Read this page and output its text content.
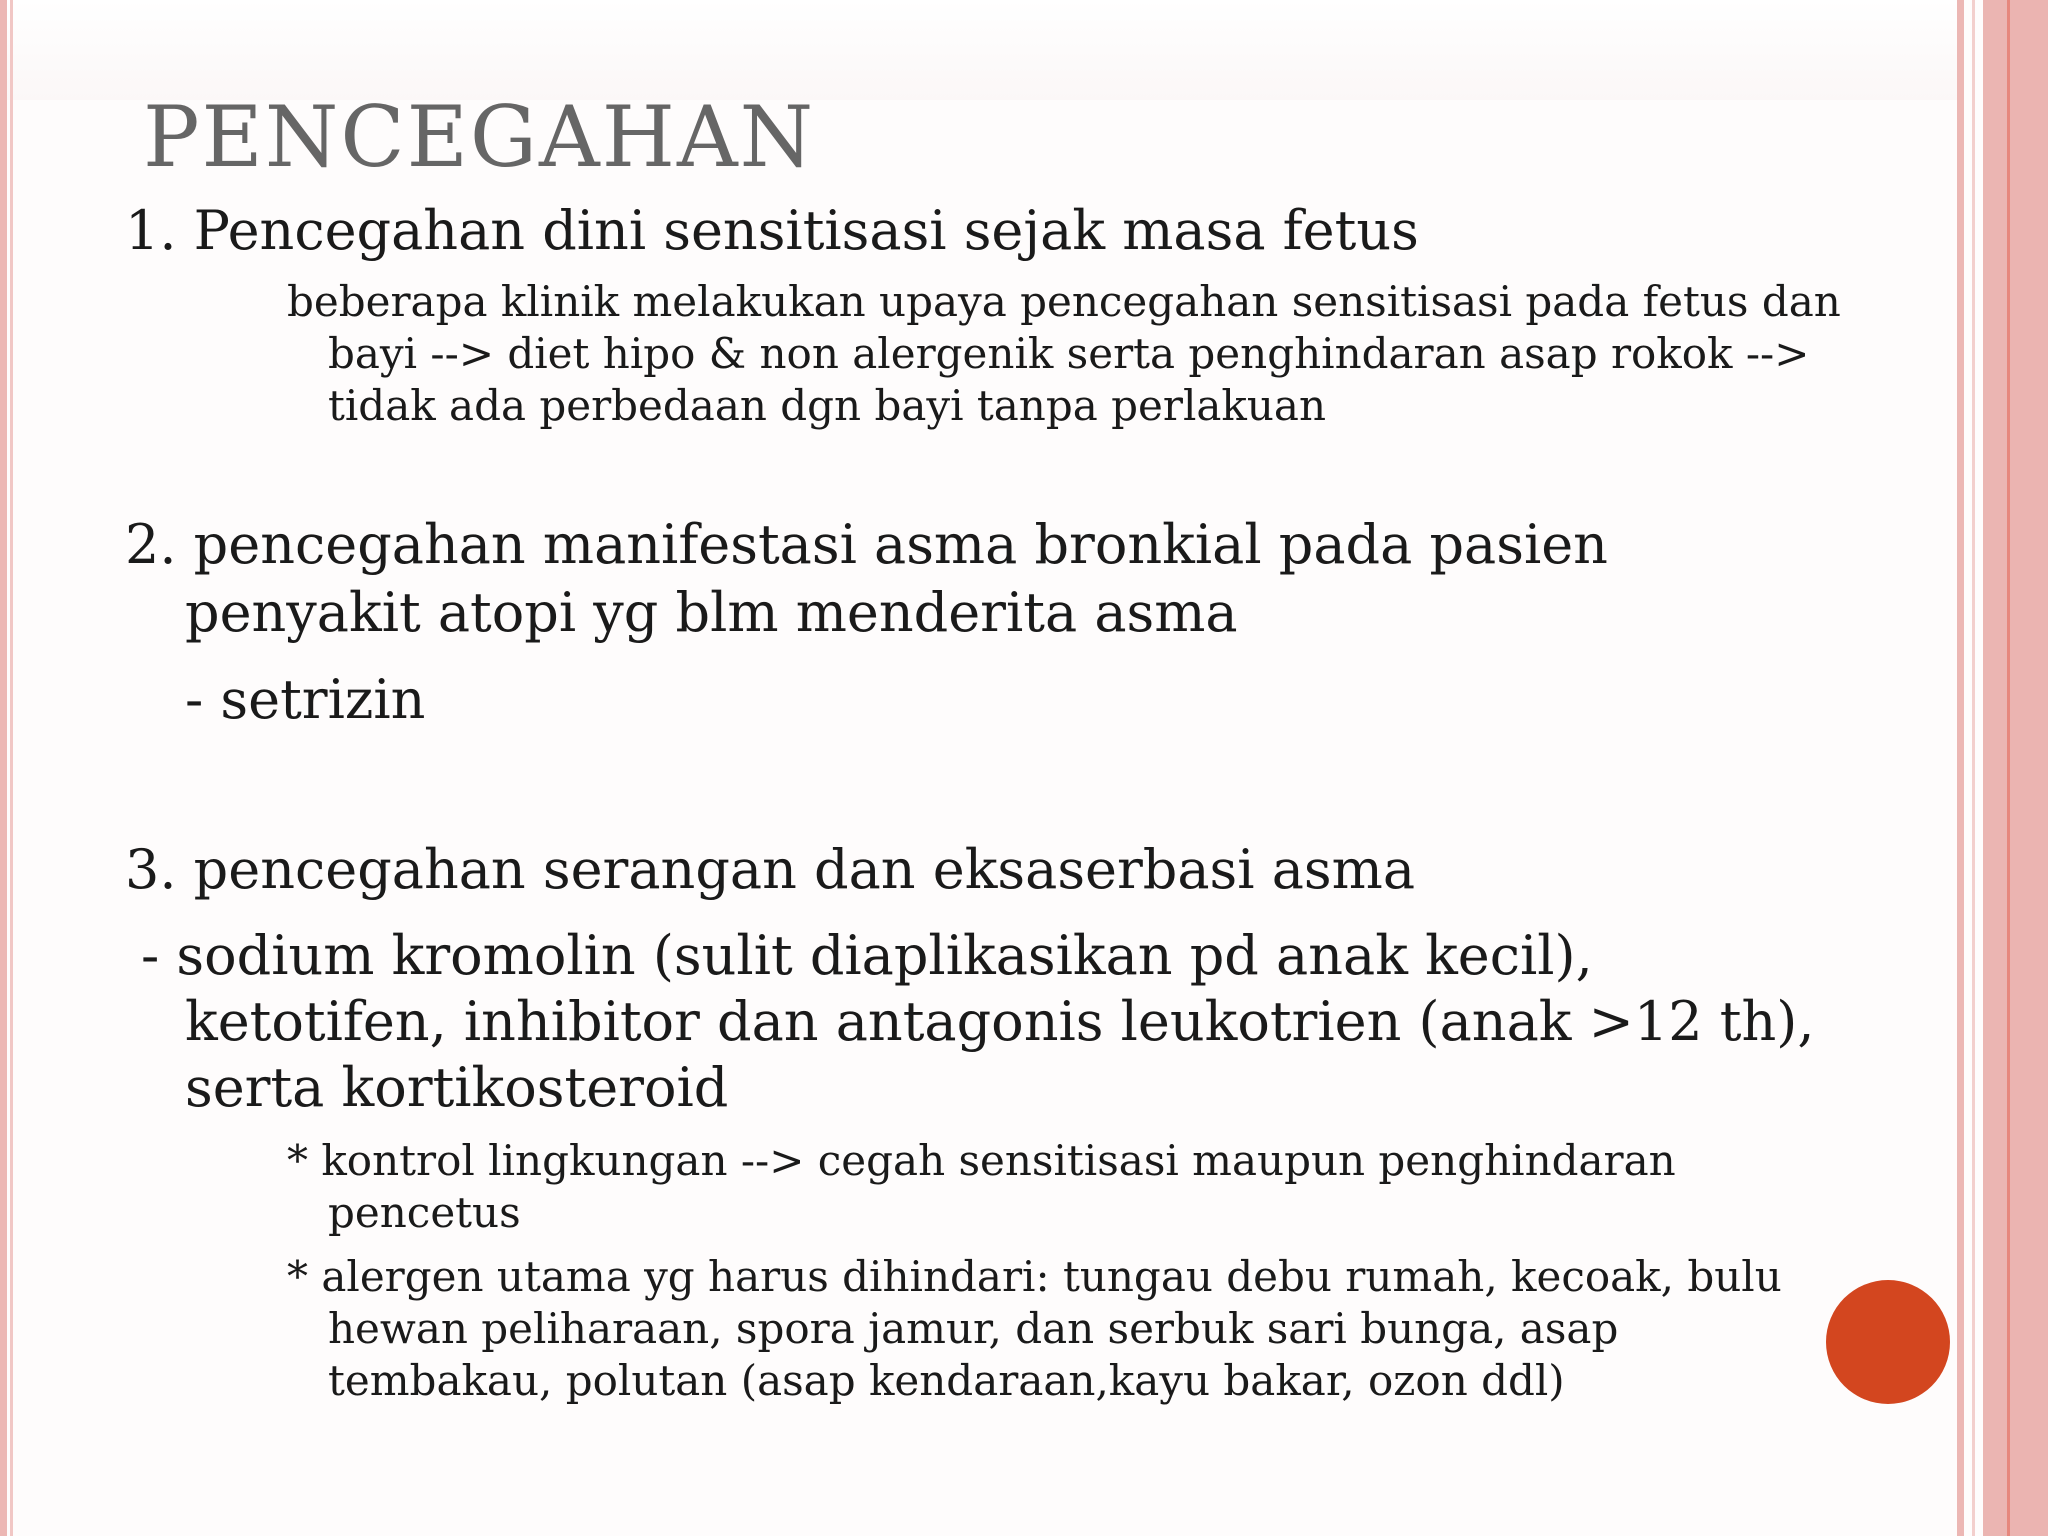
PENCEGAHAN
1. Pencegahan dini sensitisasi sejak masa fetus
beberapa klinik melakukan upaya pencegahan sensitisasi pada fetus dan
bayi --> diet hipo & non alergenik serta penghindaran asap rokok -->
tidak ada perbedaan dgn bayi tanpa perlakuan
2. pencegahan manifestasi asma bronkial pada pasien
penyakit atopi yg blm menderita asma
- setrizin
3. pencegahan serangan dan eksaserbasi asma
- sodium kromolin (sulit diaplikasikan pd anak kecil),
ketotifen, inhibitor dan antagonis leukotrien (anak >12 th),
serta kortikosteroid
* kontrol lingkungan --> cegah sensitisasi maupun penghindaran
pencetus
* alergen utama yg harus dihindari: tungau debu rumah, kecoak, bulu
hewan peliharaan, spora jamur, dan serbuk sari bunga, asap
tembakau, polutan (asap kendaraan,kayu bakar, ozon ddl)
